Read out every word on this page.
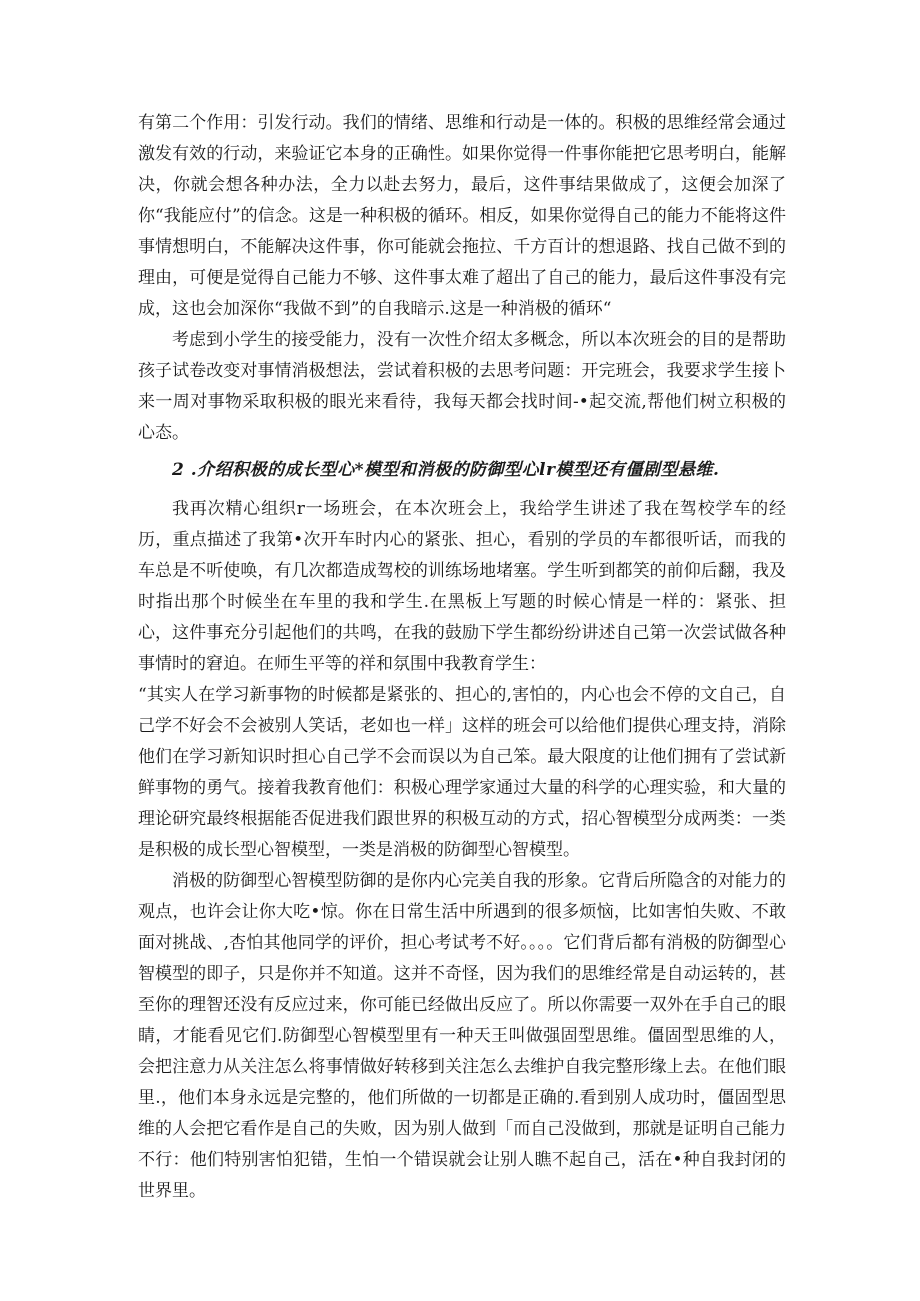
有第二个作用：引发行动。我们的情绪、思维和行动是一体的。积极的思维经常会通过激发有效的行动，来验证它本身的正确性。如果你觉得一件事你能把它思考明白，能解决，你就会想各种办法，全力以赴去努力，最后，这件事结果做成了，这便会加深了你“我能应付”的信念。这是一种积极的循环。相反，如果你觉得自己的能力不能将这件事情想明白，不能解决这件事，你可能就会拖拉、千方百计的想退路、找自己做不到的理由，可便是觉得自己能力不够、这件事太难了超出了自己的能力，最后这件事没有完成，这也会加深你“我做不到”的自我暗示.这是一种消极的循环“

考虑到小学生的接受能力，没有一次性介绍太多概念，所以本次班会的目的是帮助孩子试卷改变对事情消极想法，尝试着积极的去思考问题：开完班会，我要求学生接卜来一周对事物采取积极的眼光来看待，我每天都会找时间-•起交流,帮他们树立积极的心态。

2 .介绍积极的成长型心*模型和消极的防御型心lr模型还有僵剧型悬维.

我再次精心组织r一场班会，在本次班会上，我给学生讲述了我在驾校学车的经历，重点描述了我第•次开车时内心的紧张、担心，看别的学员的车都很听话，而我的车总是不听使唤，有几次都造成驾校的训练场地堵塞。学生听到都笑的前仰后翻，我及时指出那个时候坐在车里的我和学生.在黑板上写题的时候心情是一样的：紧张、担心，这件事充分引起他们的共鸣，在我的鼓励下学生都纷纷讲述自己第一次尝试做各种事情时的窘迫。在师生平等的祥和氛围中我教育学生：

“其实人在学习新事物的时候都是紧张的、担心的,害怕的，内心也会不停的文自己，自己学不好会不会被别人笑话，老如也一样」这样的班会可以给他们提供心理支持，消除他们在学习新知识时担心自己学不会而误以为自己笨。最大限度的让他们拥有了尝试新鲜事物的勇气。接着我教育他们：积极心理学家通过大量的科学的心理实验，和大量的理论研究最终根据能否促进我们跟世界的积极互动的方式，招心智模型分成两类：一类是积极的成长型心智模型，一类是消极的防御型心智模型。

消极的防御型心智模型防御的是你内心完美自我的形象。它背后所隐含的对能力的观点，也许会让你大吃•惊。你在日常生活中所遇到的很多烦恼，比如害怕失败、不敢面对挑战、,杏怕其他同学的评价，担心考试考不好。。。。它们背后都有消极的防御型心智模型的即子，只是你并不知道。这并不奇怪，因为我们的思维经常是自动运转的，甚至你的理智还没有反应过来，你可能已经做出反应了。所以你需要一双外在手自己的眼睛，才能看见它们.防御型心智模型里有一种天王叫做强固型思维。僵固型思维的人，会把注意力从关注怎么将事情做好转移到关注怎么去维护自我完整形缘上去。在他们眼里.，他们本身永远是完整的，他们所做的一切都是正确的.看到别人成功时，僵固型思维的人会把它看作是自己的失败，因为别人做到「而自己没做到，那就是证明自己能力不行：他们特别害怕犯错，生怕一个错误就会让别人瞧不起自己，活在•种自我封闭的世界里。
